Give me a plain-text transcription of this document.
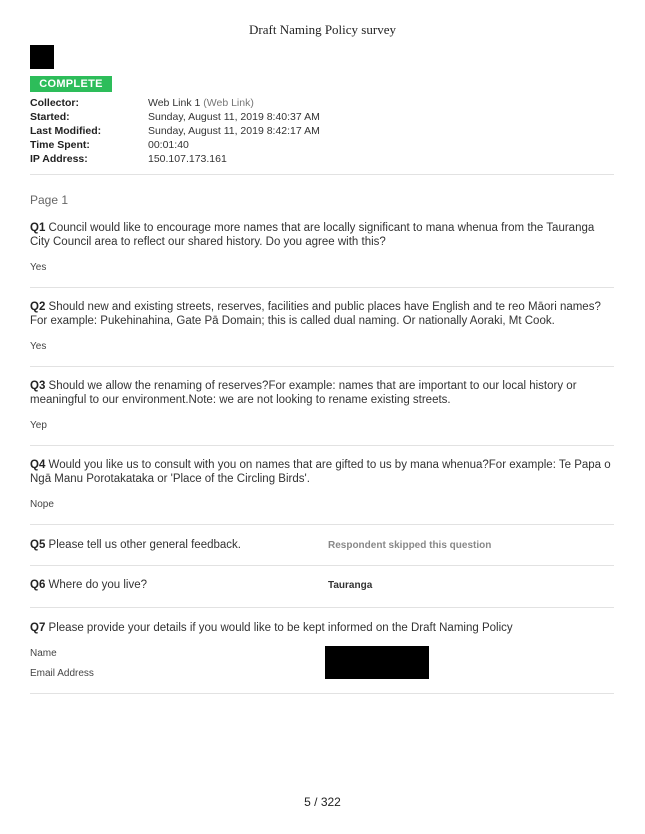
Draft Naming Policy survey
COMPLETE
Collector:	Web Link 1 (Web Link)
Started:	Sunday, August 11, 2019 8:40:37 AM
Last Modified:	Sunday, August 11, 2019 8:42:17 AM
Time Spent:	00:01:40
IP Address:	150.107.173.161
Page 1
Q1 Council would like to encourage more names that are locally significant to mana whenua from the Tauranga City Council area to reflect our shared history. Do you agree with this?
Yes
Q2 Should new and existing streets, reserves, facilities and public places have English and te reo Māori names?For example: Pukehinahina, Gate Pā Domain; this is called dual naming. Or nationally Aoraki, Mt Cook.
Yes
Q3 Should we allow the renaming of reserves?For example: names that are important to our local history or meaningful to our environment.Note: we are not looking to rename existing streets.
Yep
Q4 Would you like us to consult with you on names that are gifted to us by mana whenua?For example: Te Papa o Ngā Manu Porotakataka or 'Place of the Circling Birds'.
Nope
Q5 Please tell us other general feedback.	Respondent skipped this question
Q6 Where do you live?	Tauranga
Q7 Please provide your details if you would like to be kept informed on the Draft Naming Policy
Name
Email Address
5 / 322
